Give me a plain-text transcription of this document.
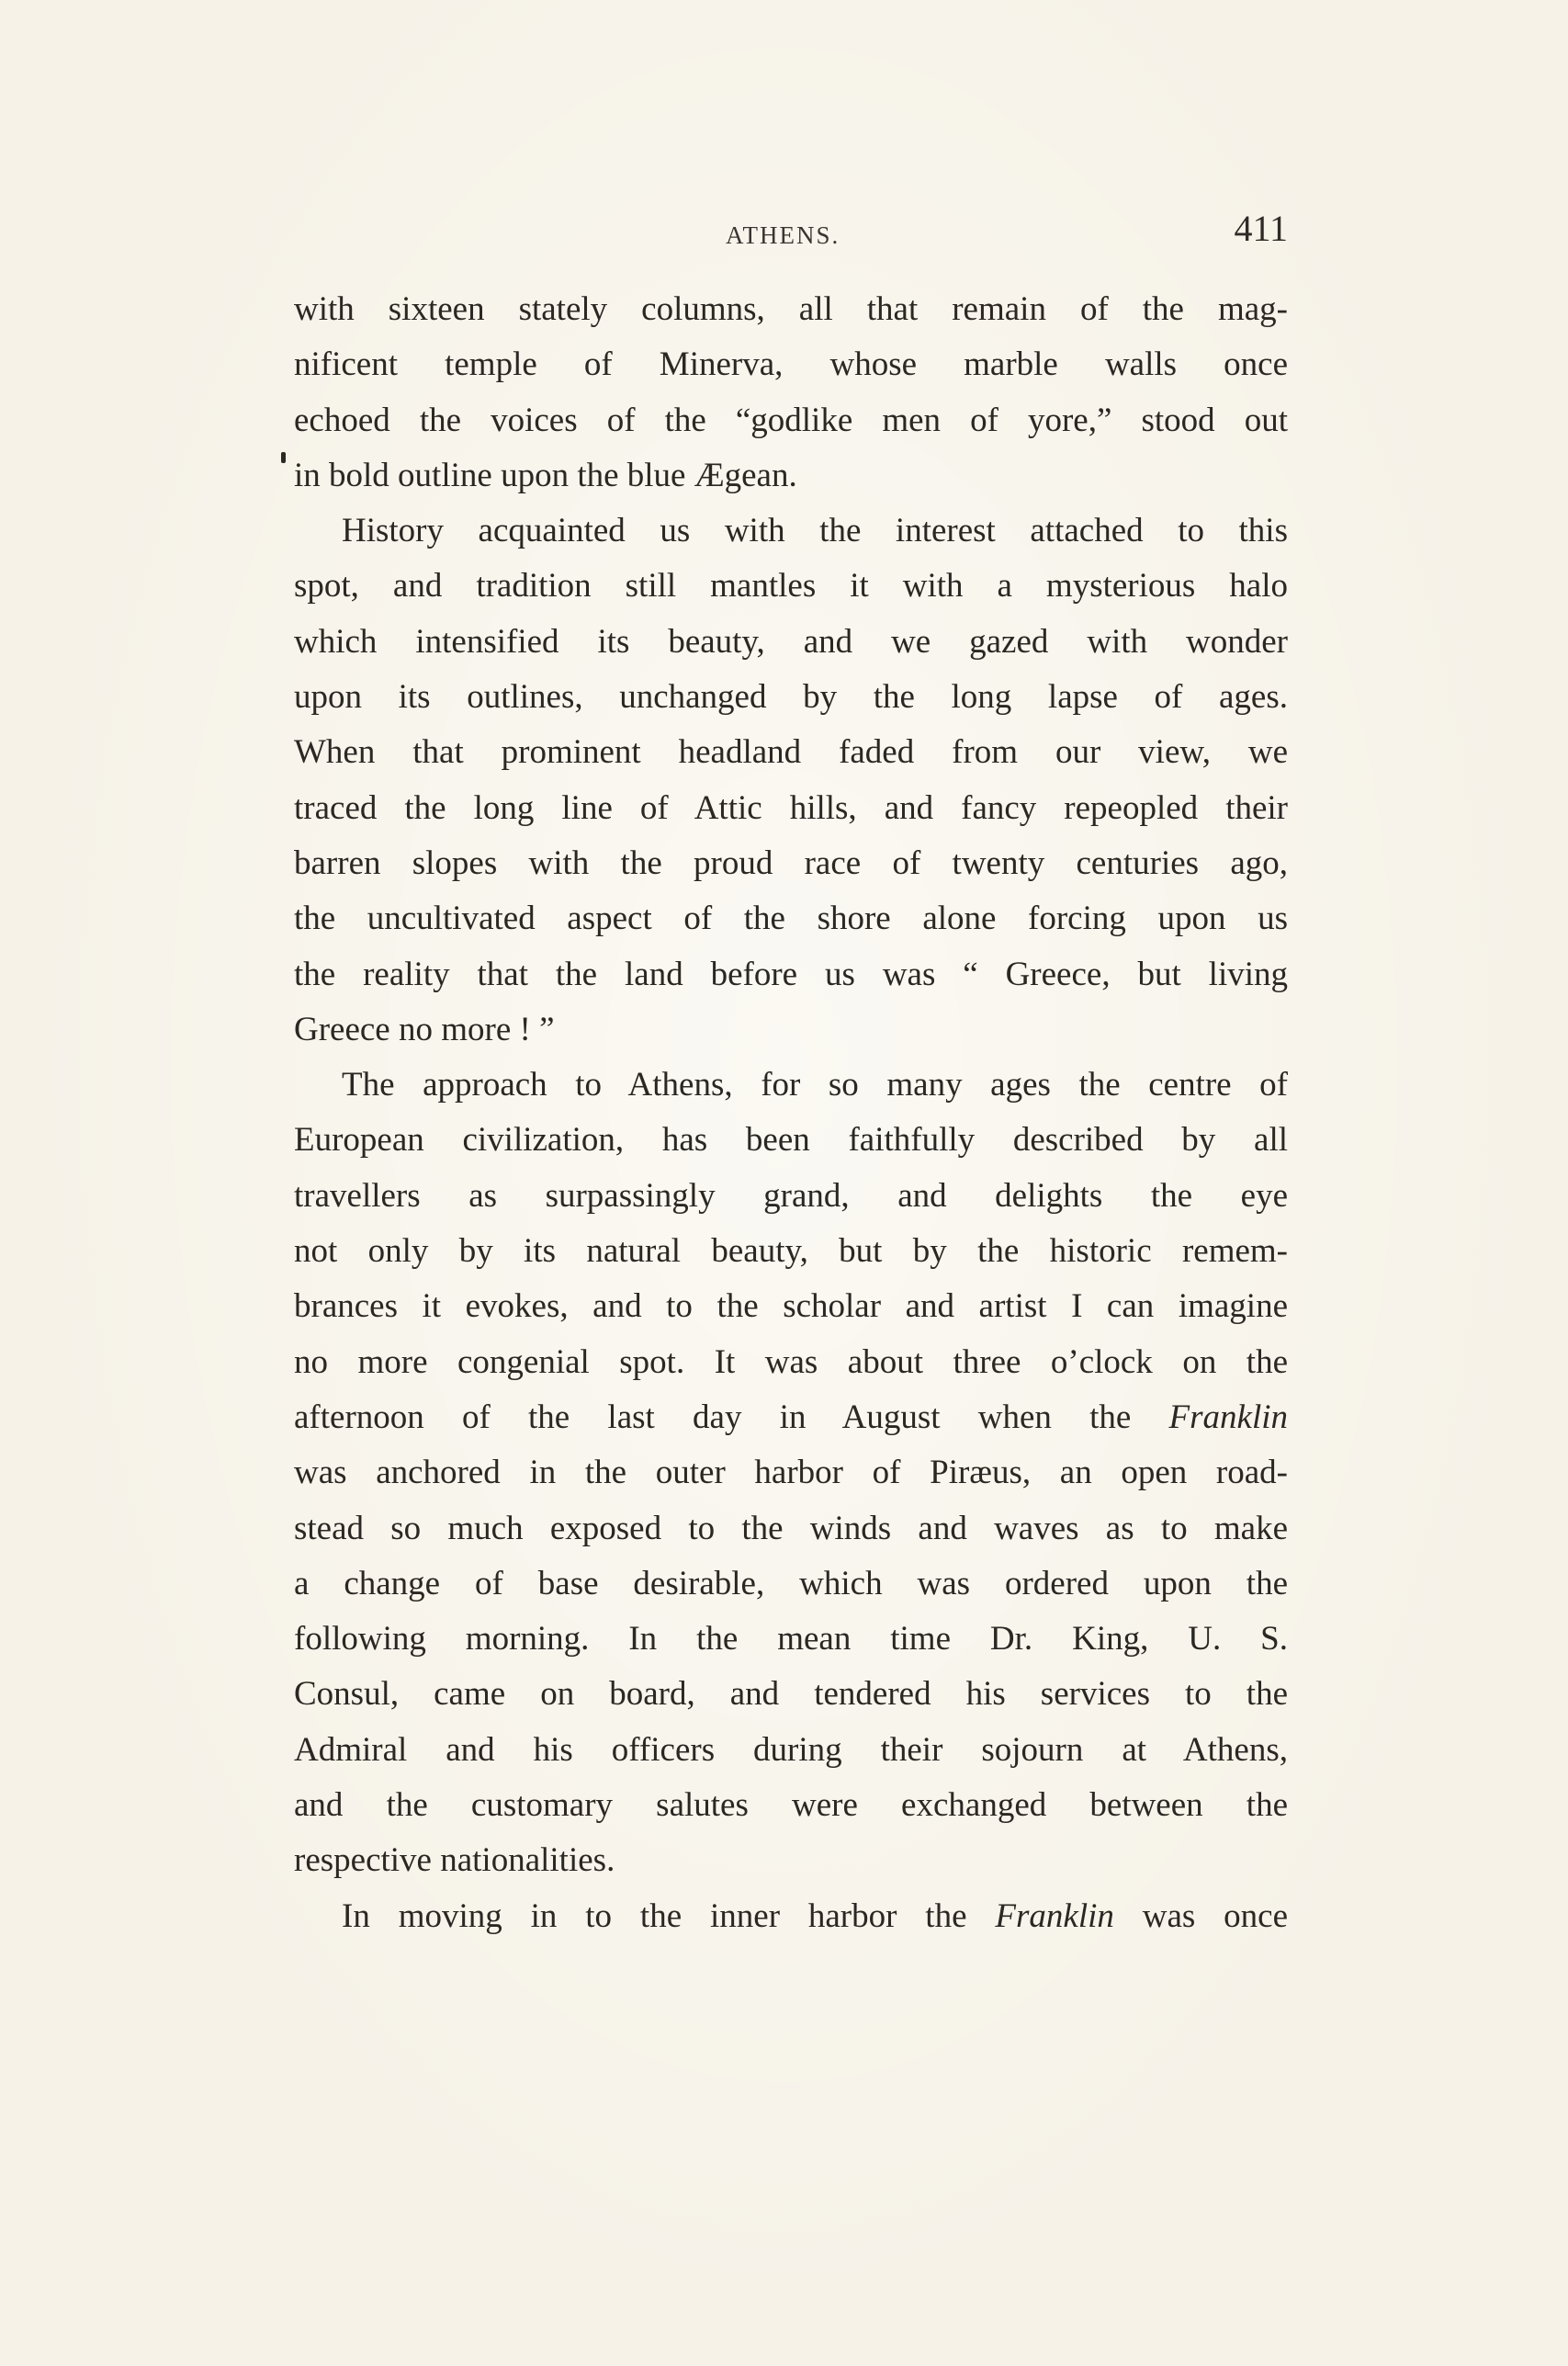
ATHENS.	411
with sixteen stately columns, all that remain of the mag-
nificent temple of Minerva, whose marble walls once
echoed the voices of the “godlike men of yore,” stood out
in bold outline upon the blue Ægean.
History acquainted us with the interest attached to this
spot, and tradition still mantles it with a mysterious halo
which intensified its beauty, and we gazed with wonder
upon its outlines, unchanged by the long lapse of ages.
When that prominent headland faded from our view, we
traced the long line of Attic hills, and fancy repeopled their
barren slopes with the proud race of twenty centuries ago,
the uncultivated aspect of the shore alone forcing upon us
the reality that the land before us was “ Greece, but living
Greece no more ! ”
The approach to Athens, for so many ages the centre of
European civilization, has been faithfully described by all
travellers as surpassingly grand, and delights the eye
not only by its natural beauty, but by the historic remem-
brances it evokes, and to the scholar and artist I can imagine
no more congenial spot. It was about three o’clock on the
afternoon of the last day in August when the Franklin
was anchored in the outer harbor of Piræus, an open road-
stead so much exposed to the winds and waves as to make
a change of base desirable, which was ordered upon the
following morning. In the mean time Dr. King, U. S.
Consul, came on board, and tendered his services to the
Admiral and his officers during their sojourn at Athens,
and the customary salutes were exchanged between the
respective nationalities.
In moving in to the inner harbor the Franklin was once
